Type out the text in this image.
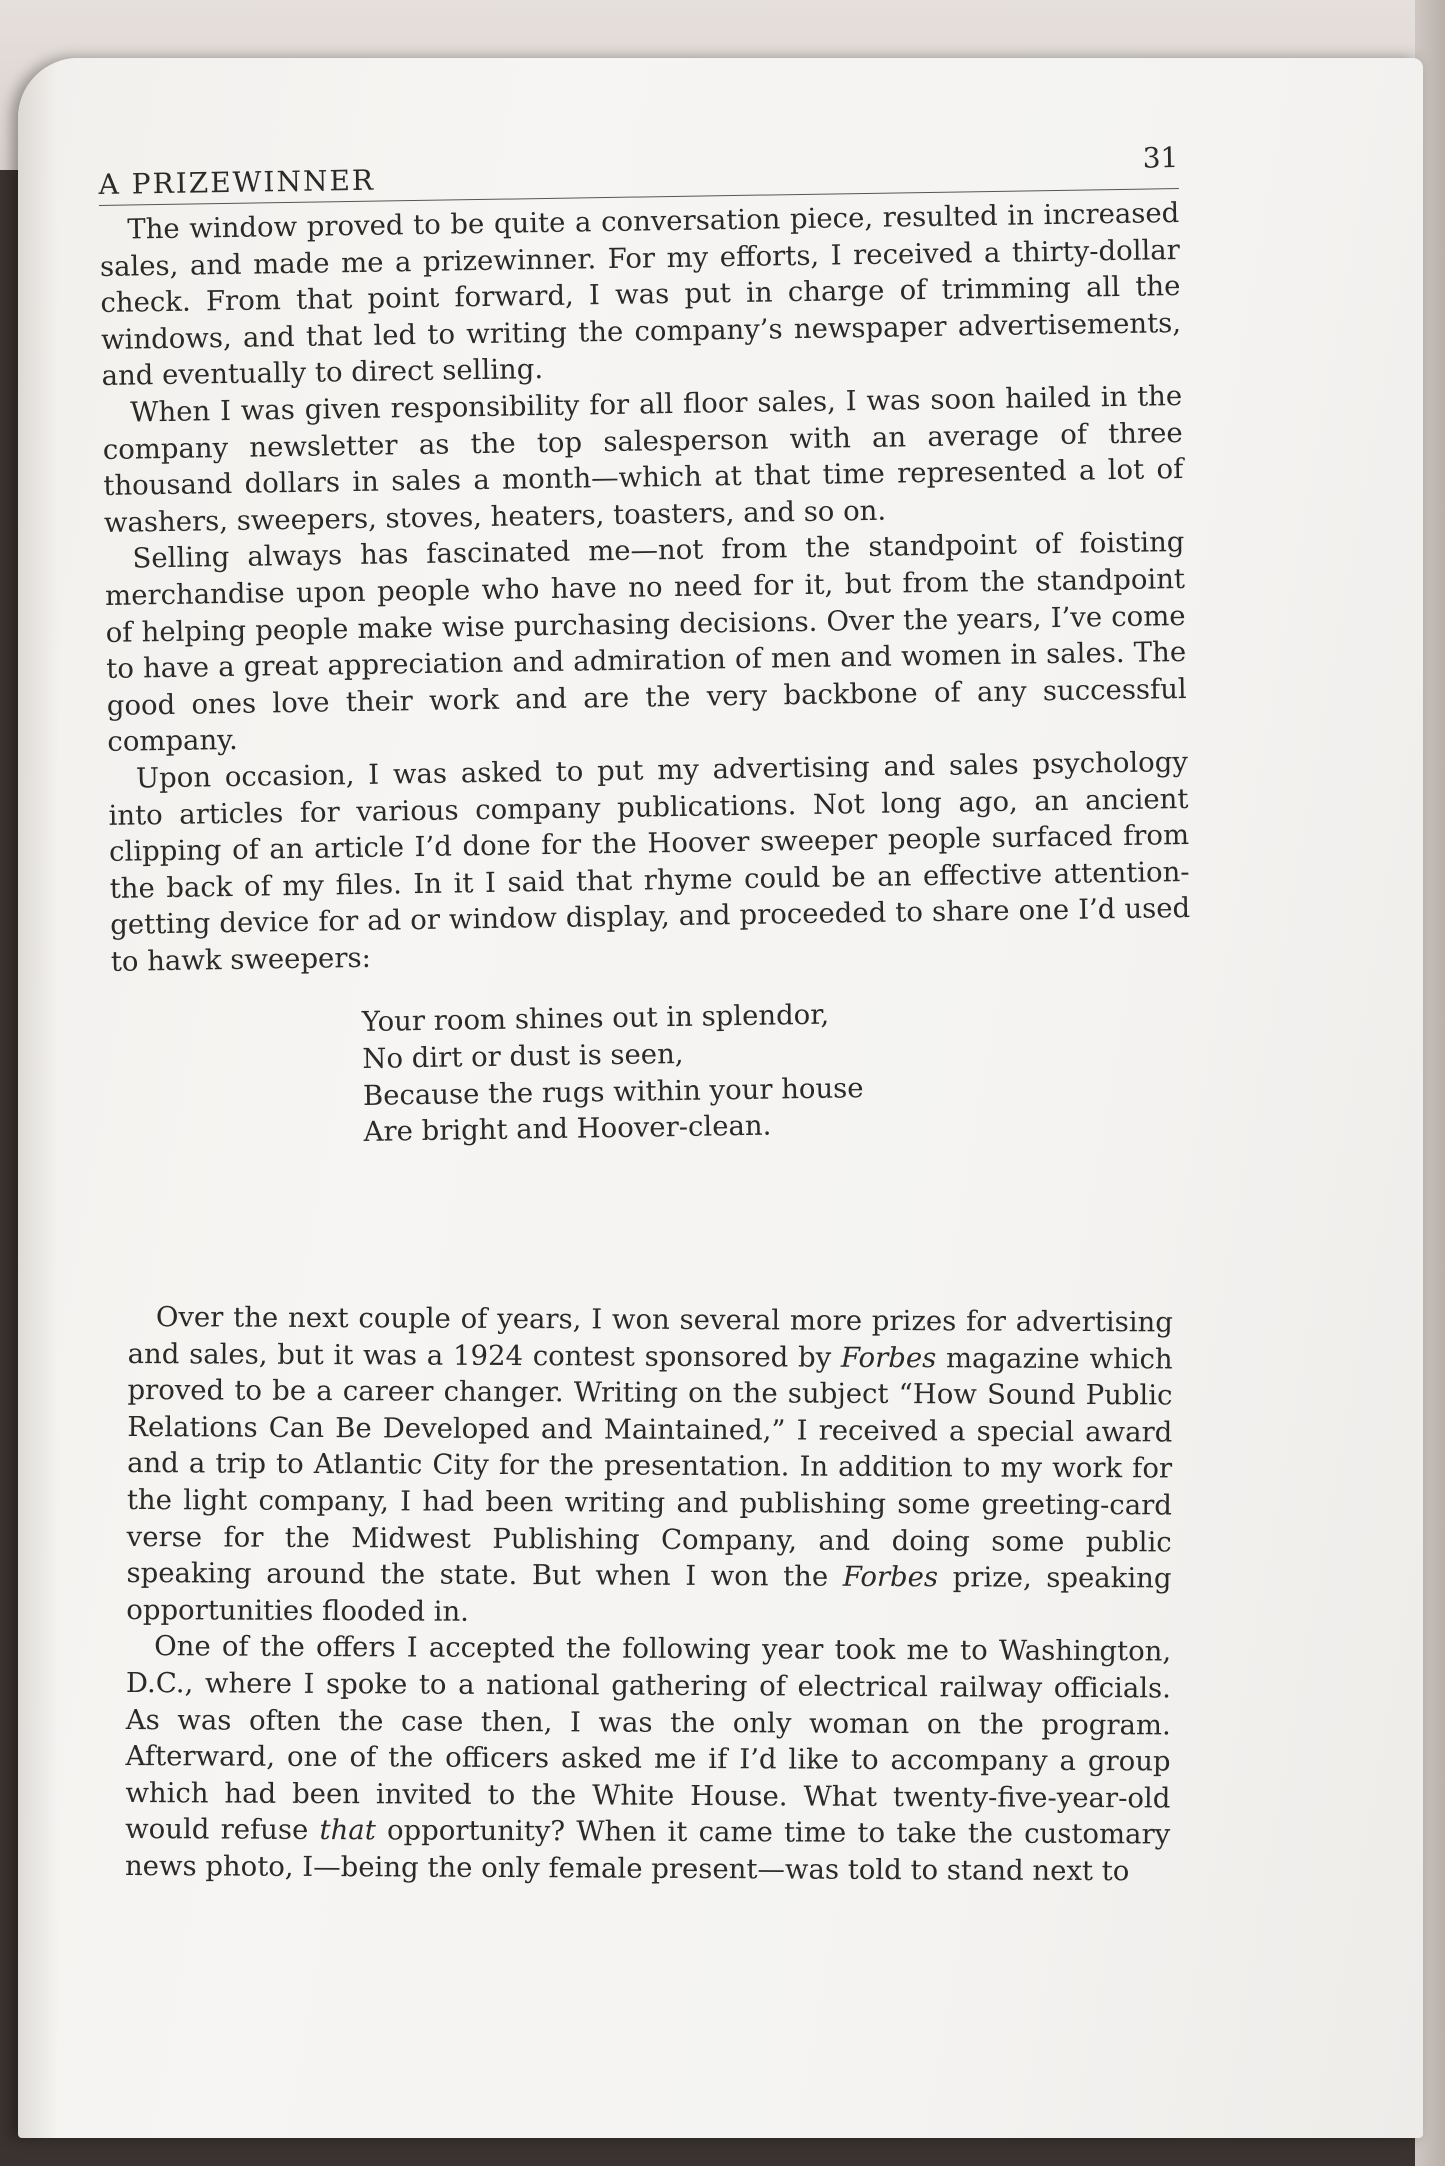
A PRIZEWINNER
31

The window proved to be quite a conversation piece, resulted in increased sales, and made me a prizewinner. For my efforts, I received a thirty-dollar check. From that point forward, I was put in charge of trimming all the windows, and that led to writing the company’s newspaper advertisements, and eventually to direct selling.

When I was given responsibility for all floor sales, I was soon hailed in the company newsletter as the top salesperson with an average of three thousand dollars in sales a month—which at that time represented a lot of washers, sweepers, stoves, heaters, toasters, and so on.

Selling always has fascinated me—not from the standpoint of foisting merchandise upon people who have no need for it, but from the standpoint of helping people make wise purchasing decisions. Over the years, I’ve come to have a great appreciation and admiration of men and women in sales. The good ones love their work and are the very backbone of any successful company.

Upon occasion, I was asked to put my advertising and sales psychology into articles for various company publications. Not long ago, an ancient clipping of an article I’d done for the Hoover sweeper people surfaced from the back of my files. In it I said that rhyme could be an effective attention-getting device for ad or window display, and proceeded to share one I’d used to hawk sweepers:

Your room shines out in splendor,
No dirt or dust is seen,
Because the rugs within your house
Are bright and Hoover-clean.

Over the next couple of years, I won several more prizes for advertising and sales, but it was a 1924 contest sponsored by Forbes magazine which proved to be a career changer. Writing on the subject “How Sound Public Relations Can Be Developed and Maintained,” I received a special award and a trip to Atlantic City for the presentation. In addition to my work for the light company, I had been writing and publishing some greeting-card verse for the Midwest Publishing Company, and doing some public speaking around the state. But when I won the Forbes prize, speaking opportunities flooded in.

One of the offers I accepted the following year took me to Washington, D.C., where I spoke to a national gathering of electrical railway officials. As was often the case then, I was the only woman on the program. Afterward, one of the officers asked me if I’d like to accompany a group which had been invited to the White House. What twenty-five-year-old would refuse that opportunity? When it came time to take the customary news photo, I—being the only female present—was told to stand next to
